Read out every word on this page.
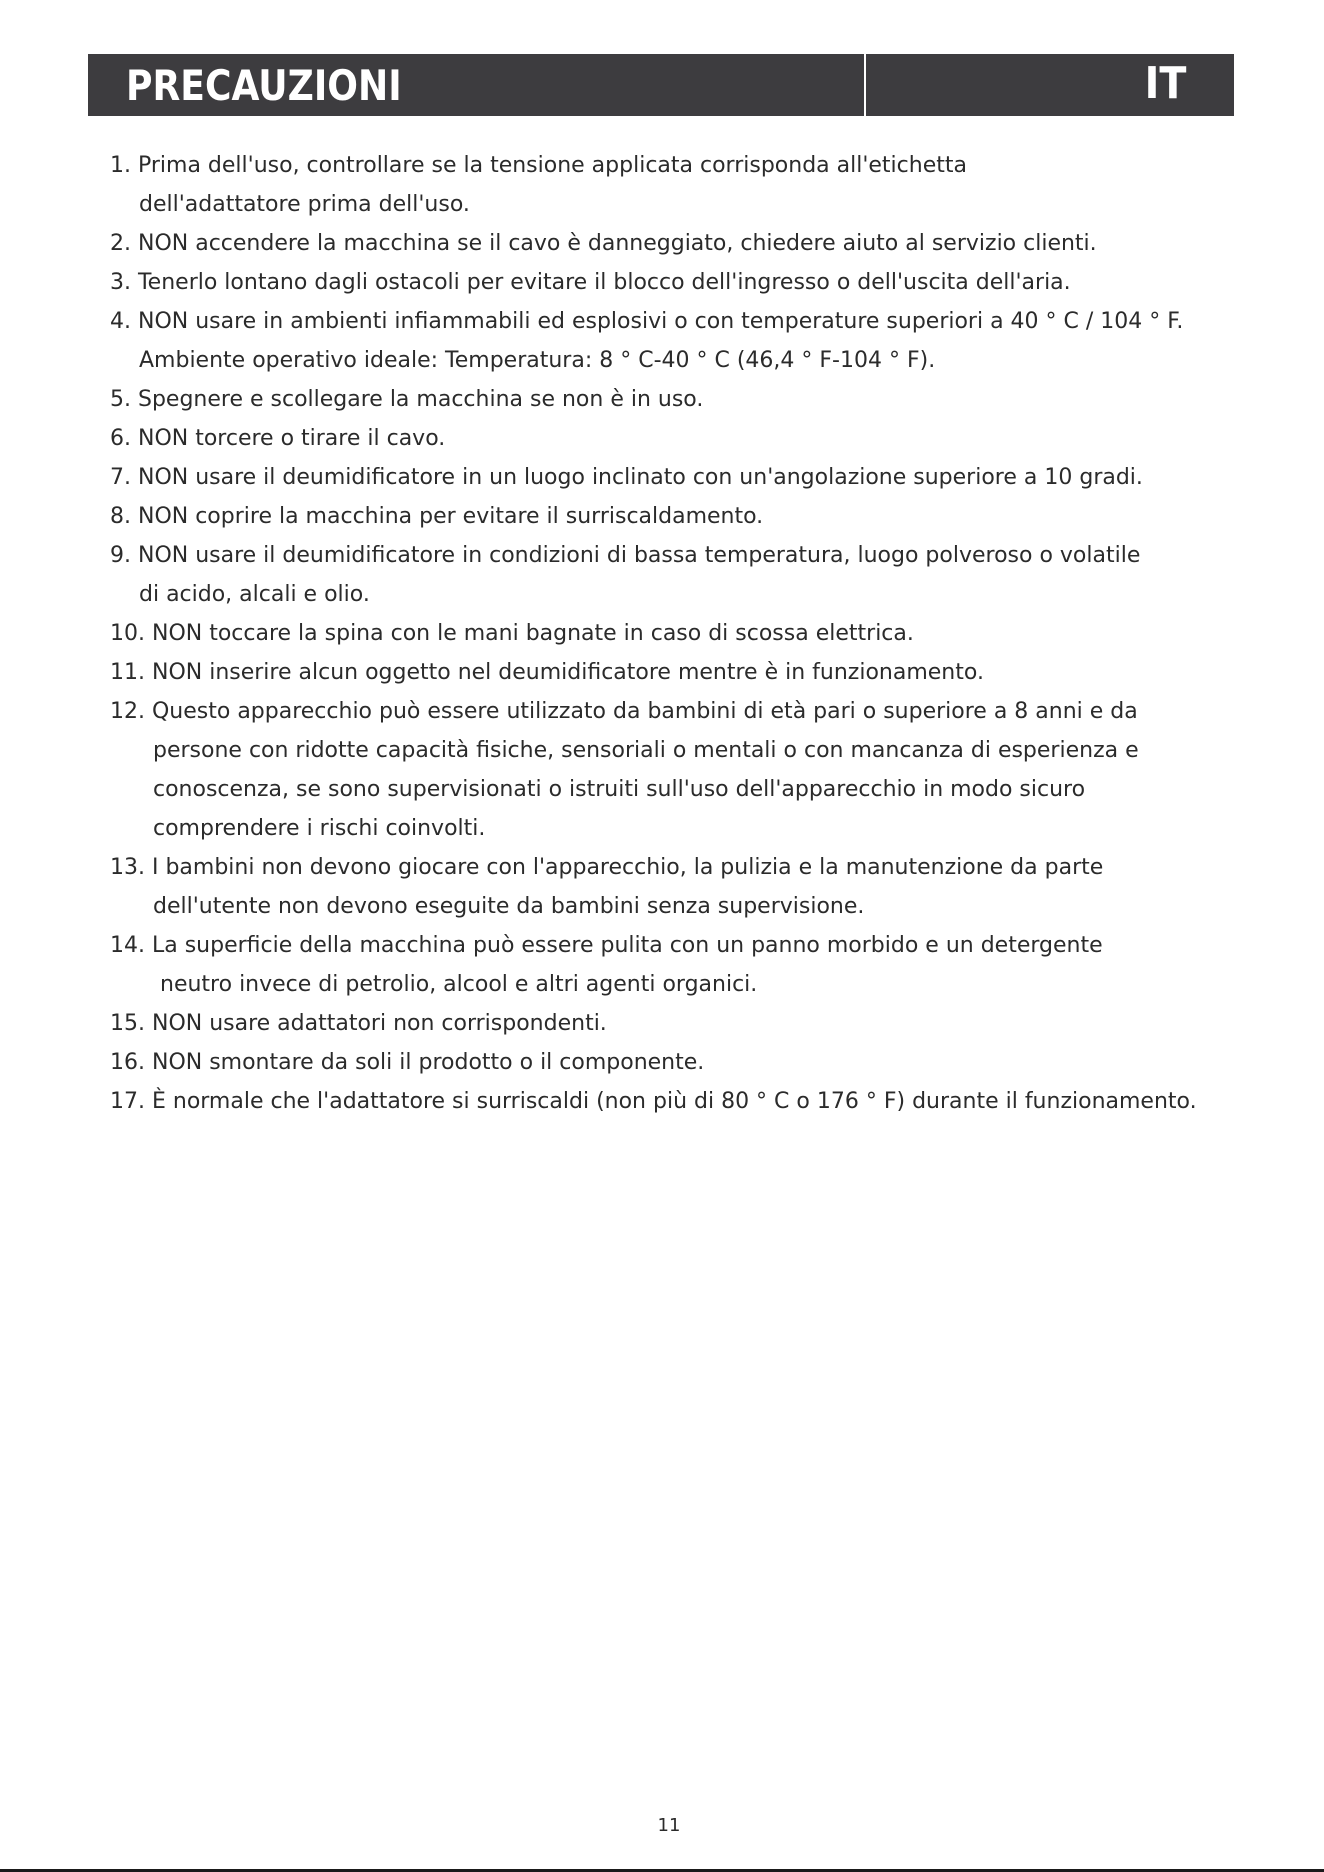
PRECAUZIONI	IT
1. Prima dell'uso, controllare se la tensione applicata corrisponda all'etichetta
dell'adattatore prima dell'uso.
2. NON accendere la macchina se il cavo è danneggiato, chiedere aiuto al servizio clienti.
3. Tenerlo lontano dagli ostacoli per evitare il blocco dell'ingresso o dell'uscita dell'aria.
4. NON usare in ambienti infiammabili ed esplosivi o con temperature superiori a 40 ° C / 104 ° F.
Ambiente operativo ideale: Temperatura: 8 ° C-40 ° C (46,4 ° F-104 ° F).
5. Spegnere e scollegare la macchina se non è in uso.
6. NON torcere o tirare il cavo.
7. NON usare il deumidificatore in un luogo inclinato con un'angolazione superiore a 10 gradi.
8. NON coprire la macchina per evitare il surriscaldamento.
9. NON usare il deumidificatore in condizioni di bassa temperatura, luogo polveroso o volatile
di acido, alcali e olio.
10. NON toccare la spina con le mani bagnate in caso di scossa elettrica.
11. NON inserire alcun oggetto nel deumidificatore mentre è in funzionamento.
12. Questo apparecchio può essere utilizzato da bambini di età pari o superiore a 8 anni e da
persone con ridotte capacità fisiche, sensoriali o mentali o con mancanza di esperienza e
conoscenza, se sono supervisionati o istruiti sull'uso dell'apparecchio in modo sicuro
comprendere i rischi coinvolti.
13. I bambini non devono giocare con l'apparecchio, la pulizia e la manutenzione da parte
dell'utente non devono eseguite da bambini senza supervisione.
14. La superficie della macchina può essere pulita con un panno morbido e un detergente
neutro invece di petrolio, alcool e altri agenti organici.
15. NON usare adattatori non corrispondenti.
16. NON smontare da soli il prodotto o il componente.
17. È normale che l'adattatore si surriscaldi (non più di 80 ° C o 176 ° F) durante il funzionamento.
11
